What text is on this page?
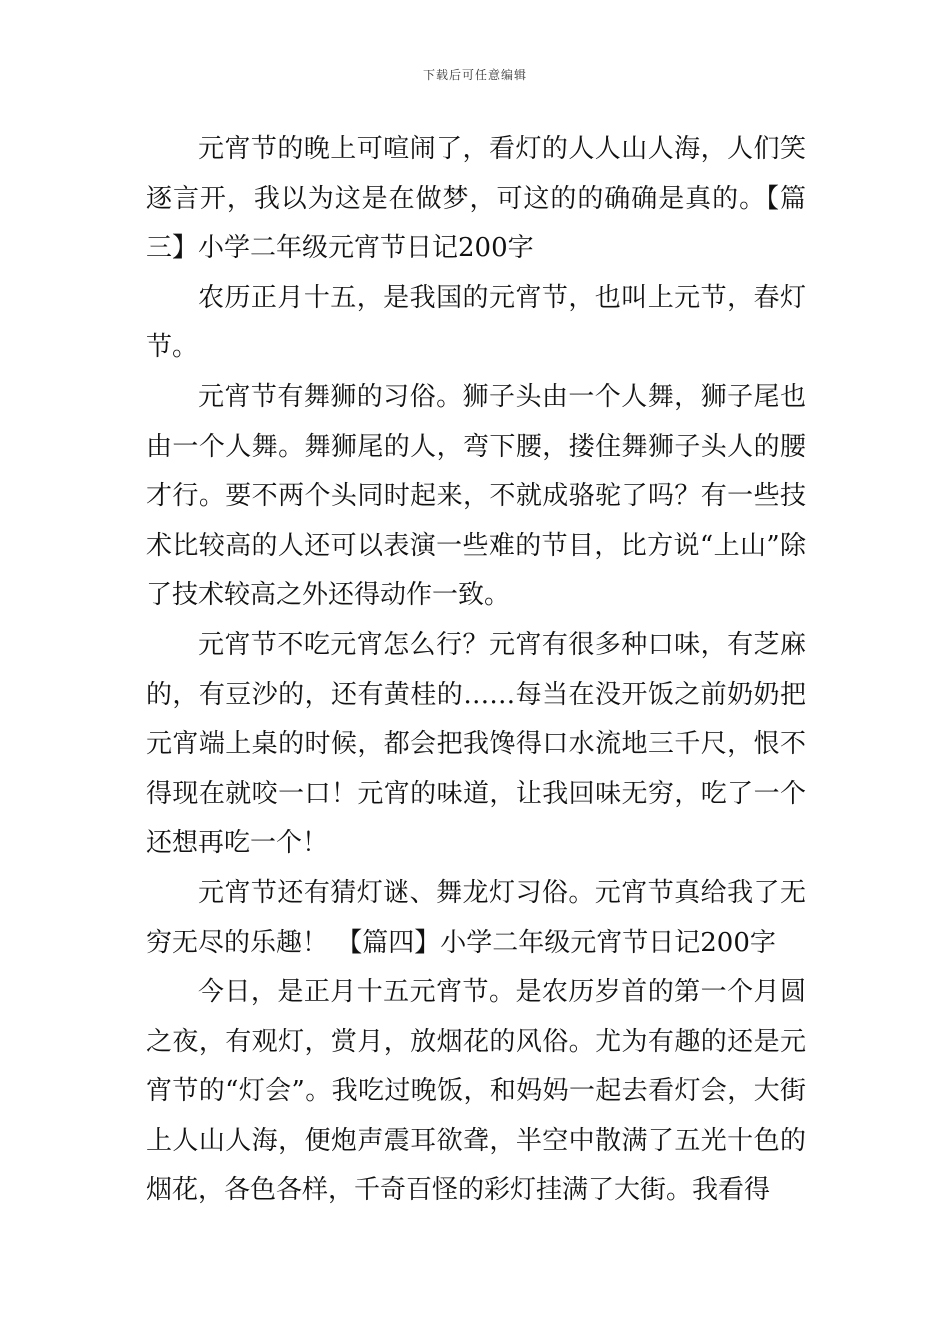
下载后可任意编辑

元宵节的晚上可喧闹了，看灯的人人山人海，人们笑逐言开，我以为这是在做梦，可这的的确确是真的。【篇三】小学二年级元宵节日记200字

农历正月十五，是我国的元宵节，也叫上元节，春灯节。

元宵节有舞狮的习俗。狮子头由一个人舞，狮子尾也由一个人舞。舞狮尾的人，弯下腰，搂住舞狮子头人的腰才行。要不两个头同时起来，不就成骆驼了吗？有一些技术比较高的人还可以表演一些难的节目，比方说“上山”除了技术较高之外还得动作一致。

元宵节不吃元宵怎么行？元宵有很多种口味，有芝麻的，有豆沙的，还有黄桂的……每当在没开饭之前奶奶把元宵端上桌的时候，都会把我馋得口水流地三千尺，恨不得现在就咬一口！元宵的味道，让我回味无穷，吃了一个还想再吃一个！

元宵节还有猜灯谜、舞龙灯习俗。元宵节真给我了无穷无尽的乐趣！ 【篇四】小学二年级元宵节日记200字

今日，是正月十五元宵节。是农历岁首的第一个月圆之夜，有观灯，赏月，放烟花的风俗。尤为有趣的还是元宵节的“灯会”。我吃过晚饭，和妈妈一起去看灯会，大街上人山人海，便炮声震耳欲聋，半空中散满了五光十色的烟花，各色各样，千奇百怪的彩灯挂满了大街。我看得
